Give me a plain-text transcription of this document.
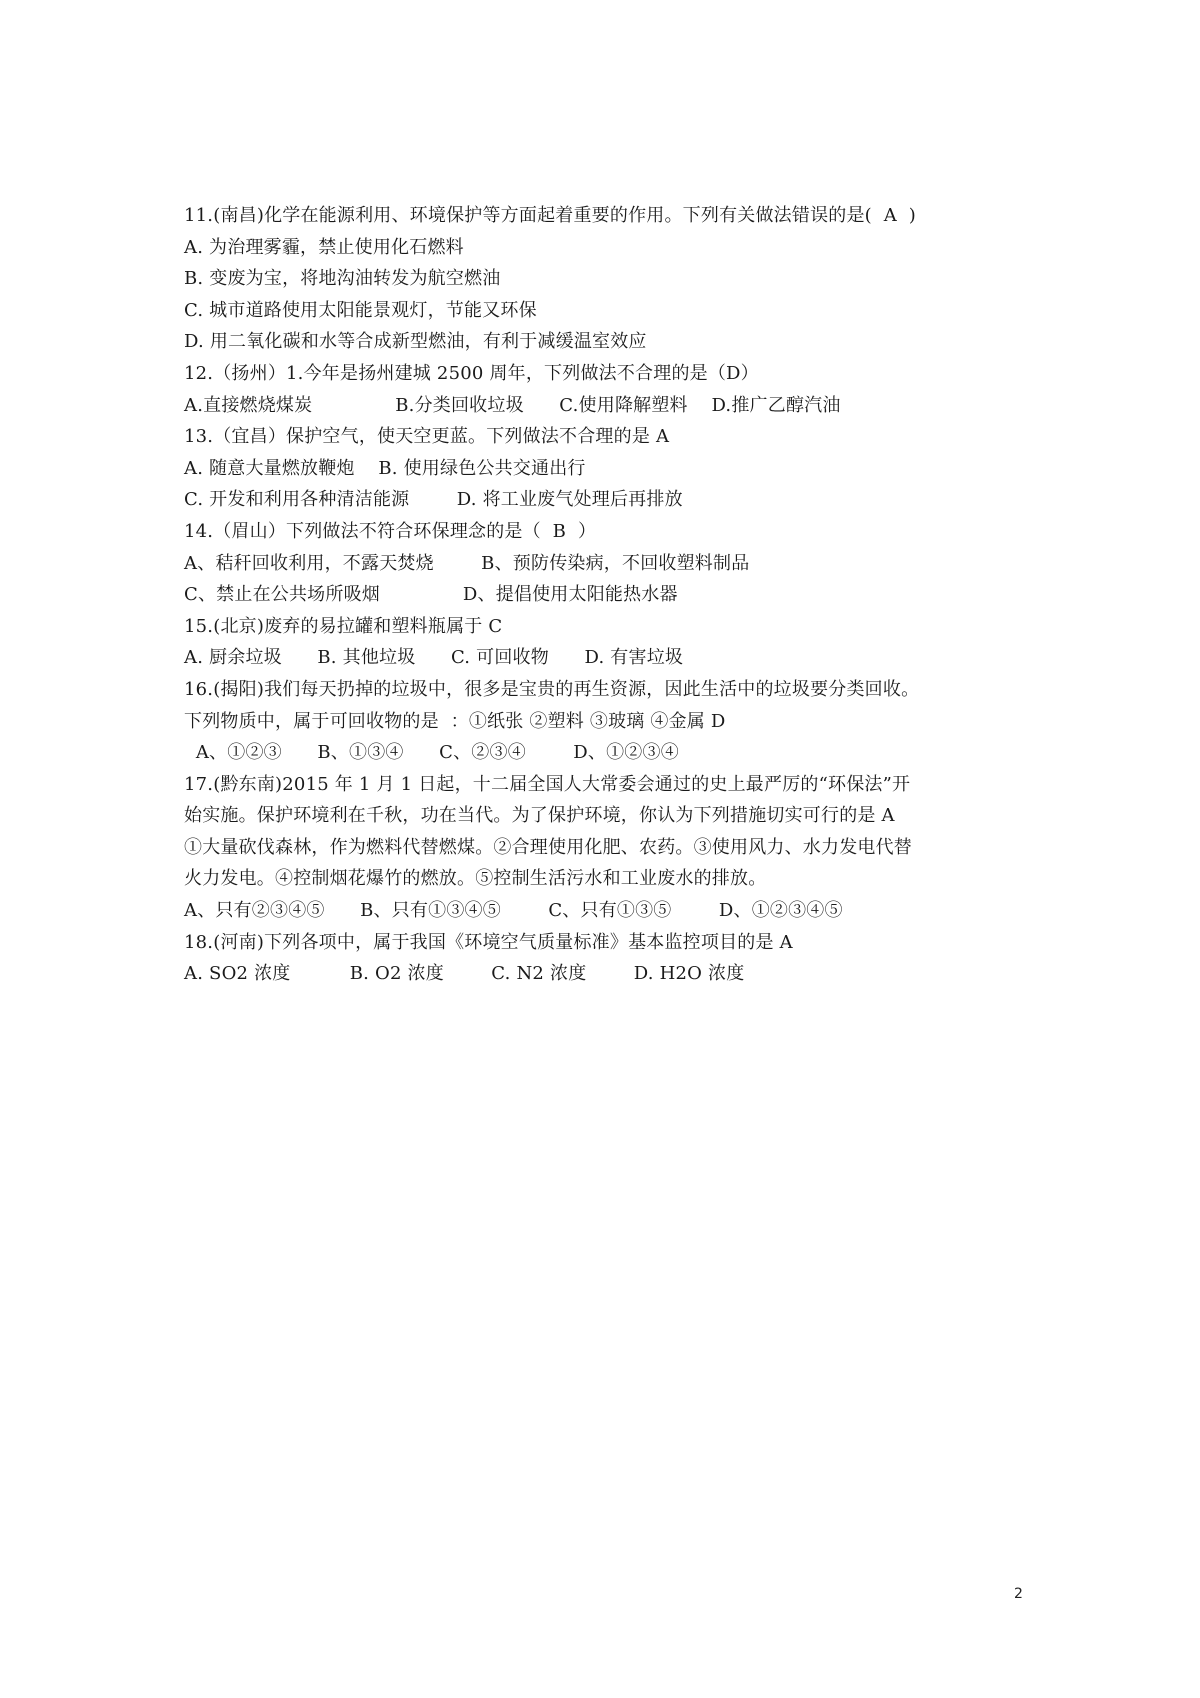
11.(南昌)化学在能源利用、环境保护等方面起着重要的作用。下列有关做法错误的是(  A  )
A. 为治理雾霾，禁止使用化石燃料
B. 变废为宝，将地沟油转发为航空燃油
C. 城市道路使用太阳能景观灯，节能又环保
D. 用二氧化碳和水等合成新型燃油，有利于减缓温室效应
12.（扬州）1.今年是扬州建城 2500 周年，下列做法不合理的是（D）
A.直接燃烧煤炭              B.分类回收垃圾      C.使用降解塑料    D.推广乙醇汽油
13.（宜昌）保护空气，使天空更蓝。下列做法不合理的是 A
A. 随意大量燃放鞭炮    B. 使用绿色公共交通出行
C. 开发和利用各种清洁能源        D. 将工业废气处理后再排放
14.（眉山）下列做法不符合环保理念的是（  B  ）
A、秸秆回收利用，不露天焚烧        B、预防传染病，不回收塑料制品
C、禁止在公共场所吸烟              D、提倡使用太阳能热水器
15.(北京)废弃的易拉罐和塑料瓶属于 C
A. 厨余垃圾      B. 其他垃圾      C. 可回收物      D. 有害垃圾
16.(揭阳)我们每天扔掉的垃圾中，很多是宝贵的再生资源，因此生活中的垃圾要分类回收。
下列物质中，属于可回收物的是  ：①纸张 ②塑料 ③玻璃 ④金属 D
A、①②③      B、①③④      C、②③④        D、①②③④
17.(黔东南)2015 年 1 月 1 日起，十二届全国人大常委会通过的史上最严厉的“环保法”开
始实施。保护环境利在千秋，功在当代。为了保护环境，你认为下列措施切实可行的是 A
①大量砍伐森林，作为燃料代替燃煤。②合理使用化肥、农药。③使用风力、水力发电代替
火力发电。④控制烟花爆竹的燃放。⑤控制生活污水和工业废水的排放。
A、只有②③④⑤      B、只有①③④⑤        C、只有①③⑤        D、①②③④⑤
18.(河南)下列各项中，属于我国《环境空气质量标准》基本监控项目的是 A
A. SO2 浓度          B. O2 浓度        C. N2 浓度        D. H2O 浓度
2
